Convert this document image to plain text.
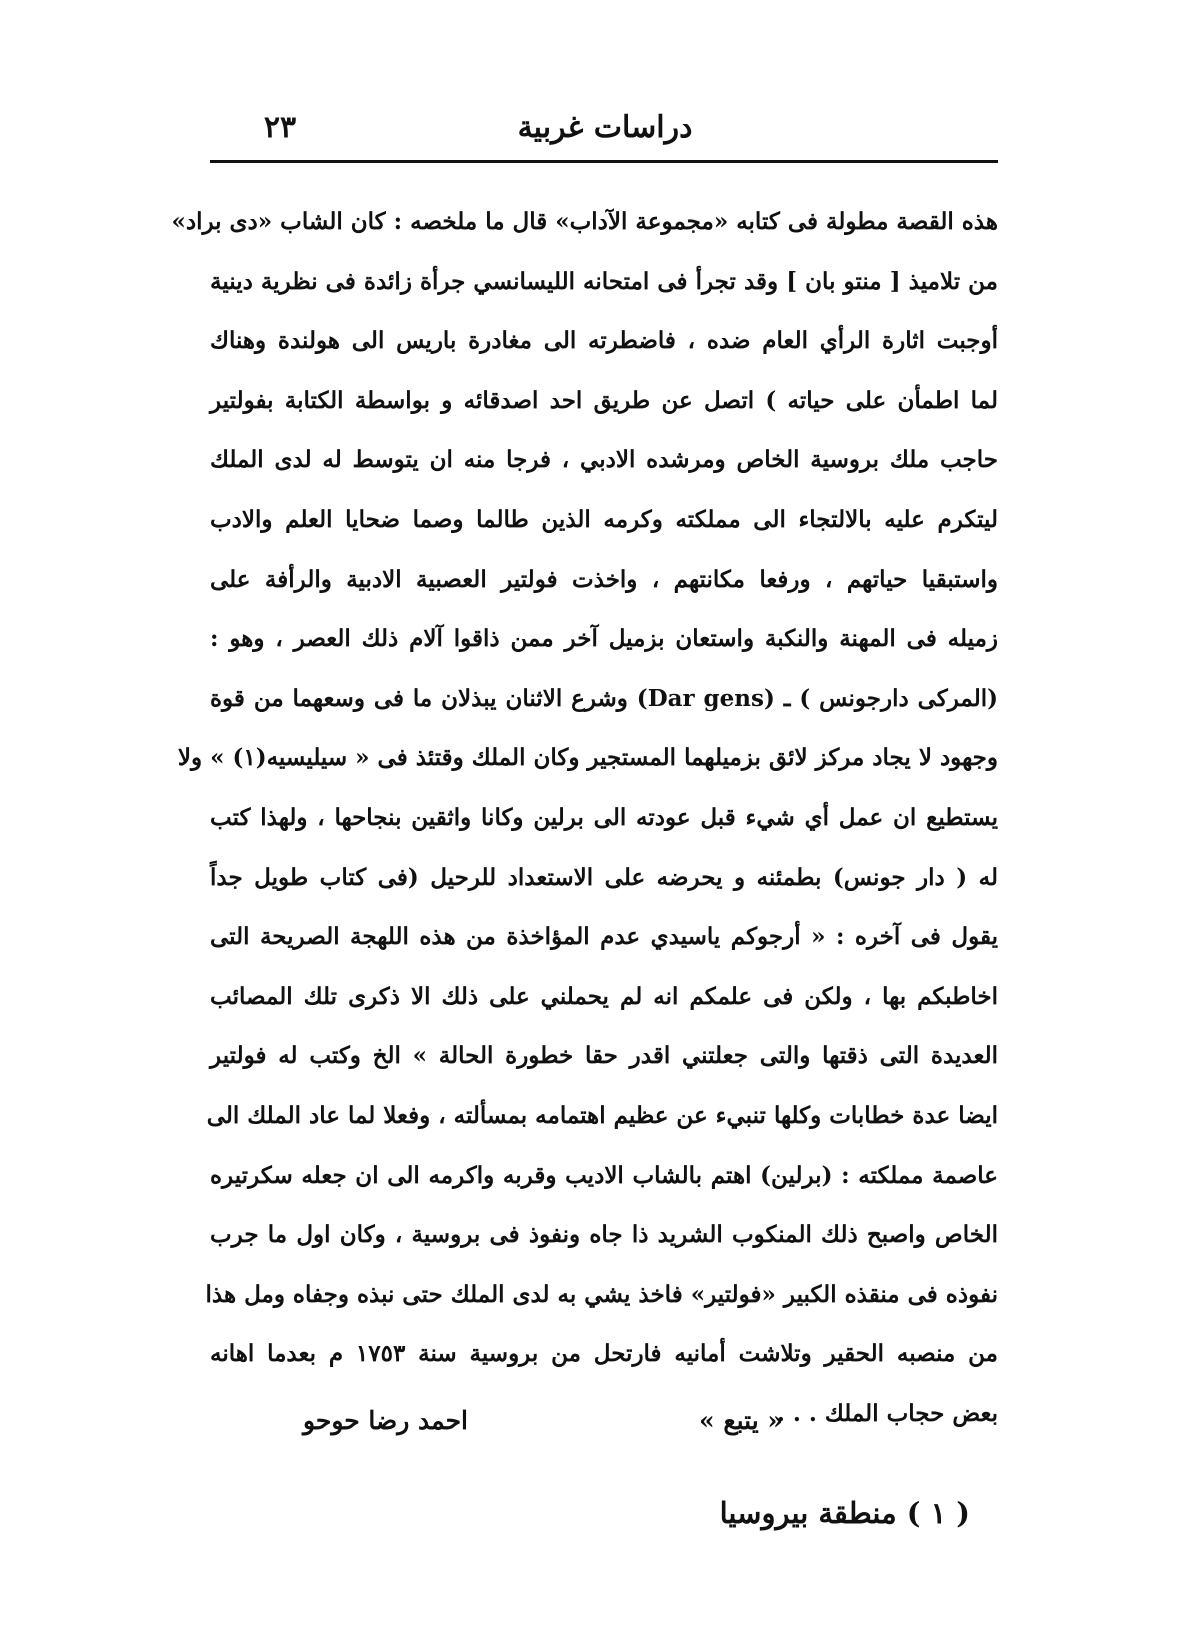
دراسات غربية
٢٣
هذه القصة مطولة فى كتابه «مجموعة الآداب» قال ما ملخصه : كان الشاب «دى براد»
من تلاميذ [ منتو بان ] وقد تجرأ فى امتحانه الليسانسي جرأة زائدة فى نظرية دينية
أوجبت اثارة الرأي العام ضده ، فاضطرته الى مغادرة باريس الى هولندة وهناك
لما اطمأن على حياته ) اتصل عن طريق احد اصدقائه و بواسطة الكتابة بفولتير
حاجب ملك بروسية الخاص ومرشده الادبي ، فرجا منه ان يتوسط له لدى الملك
ليتكرم عليه بالالتجاء الى مملكته وكرمه الذين طالما وصما ضحايا العلم والادب
واستبقيا حياتهم ، ورفعا مكانتهم ، واخذت فولتير العصبية الادبية والرأفة على
زميله فى المهنة والنكبة واستعان بزميل آخر ممن ذاقوا آلام ذلك العصر ، وهو :
(المركى دارجونس ) ـ (Dar gens) وشرع الاثنان يبذلان ما فى وسعهما من قوة
وجهود لا يجاد مركز لائق بزميلهما المستجير وكان الملك وقتئذ فى « سيليسيه(١) » ولا
يستطيع ان عمل أي شيء قبل عودته الى برلين وكانا واثقين بنجاحها ، ولهذا كتب
له ( دار جونس) بطمئنه و يحرضه على الاستعداد للرحيل (فى كتاب طويل جداً
يقول فى آخره : « أرجوكم ياسيدي عدم المؤاخذة من هذه اللهجة الصريحة التى
اخاطبكم بها ، ولكن فى علمكم انه لم يحملني على ذلك الا ذكرى تلك المصائب
العديدة التى ذقتها والتى جعلتني اقدر حقا خطورة الحالة » الخ وكتب له فولتير
ايضا عدة خطابات وكلها تنبيء عن عظيم اهتمامه بمسألته ، وفعلا لما عاد الملك الى
عاصمة مملكته : (برلين) اهتم بالشاب الاديب وقربه واكرمه الى ان جعله سكرتيره
الخاص واصبح ذلك المنكوب الشريد ذا جاه ونفوذ فى بروسية ، وكان اول ما جرب
نفوذه فى منقذه الكبير «فولتير» فاخذ يشي به لدى الملك حتى نبذه وجفاه ومل هذا
من منصبه الحقير وتلاشت أمانيه فارتحل من بروسية سنة ١٧٥٣ م بعدما اهانه
بعض حجاب الملك . . .
« يتبع »
احمد رضا حوحو
( ١ ) منطقة بيروسيا
